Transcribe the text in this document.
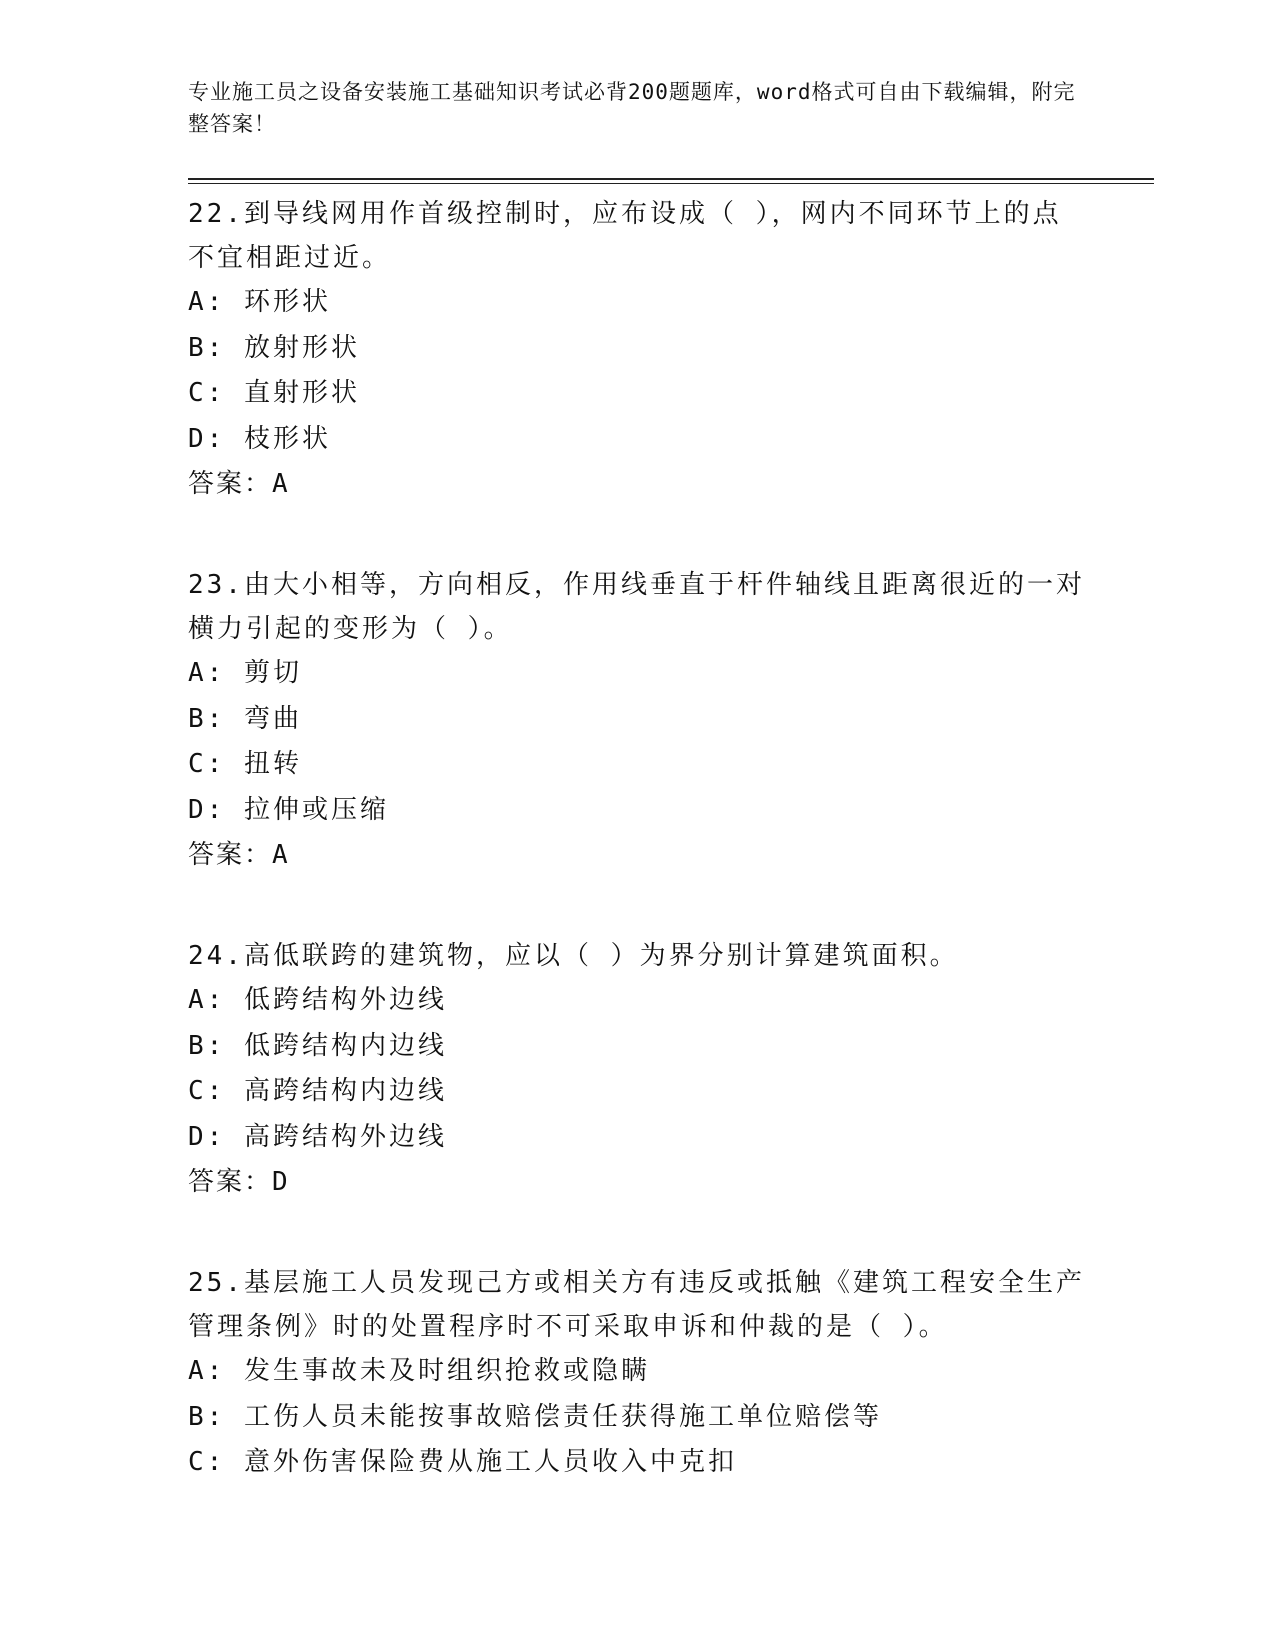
专业施工员之设备安装施工基础知识考试必背200题题库，word格式可自由下载编辑，附完整答案！
22.到导线网用作首级控制时，应布设成（ ），网内不同环节上的点不宜相距过近。
A: 环形状
B: 放射形状
C: 直射形状
D: 枝形状
答案：A
23.由大小相等，方向相反，作用线垂直于杆件轴线且距离很近的一对横力引起的变形为（ ）。
A: 剪切
B: 弯曲
C: 扭转
D: 拉伸或压缩
答案：A
24.高低联跨的建筑物，应以（ ）为界分别计算建筑面积。
A: 低跨结构外边线
B: 低跨结构内边线
C: 高跨结构内边线
D: 高跨结构外边线
答案：D
25.基层施工人员发现己方或相关方有违反或抵触《建筑工程安全生产管理条例》时的处置程序时不可采取申诉和仲裁的是（ ）。
A: 发生事故未及时组织抢救或隐瞒
B: 工伤人员未能按事故赔偿责任获得施工单位赔偿等
C: 意外伤害保险费从施工人员收入中克扣
